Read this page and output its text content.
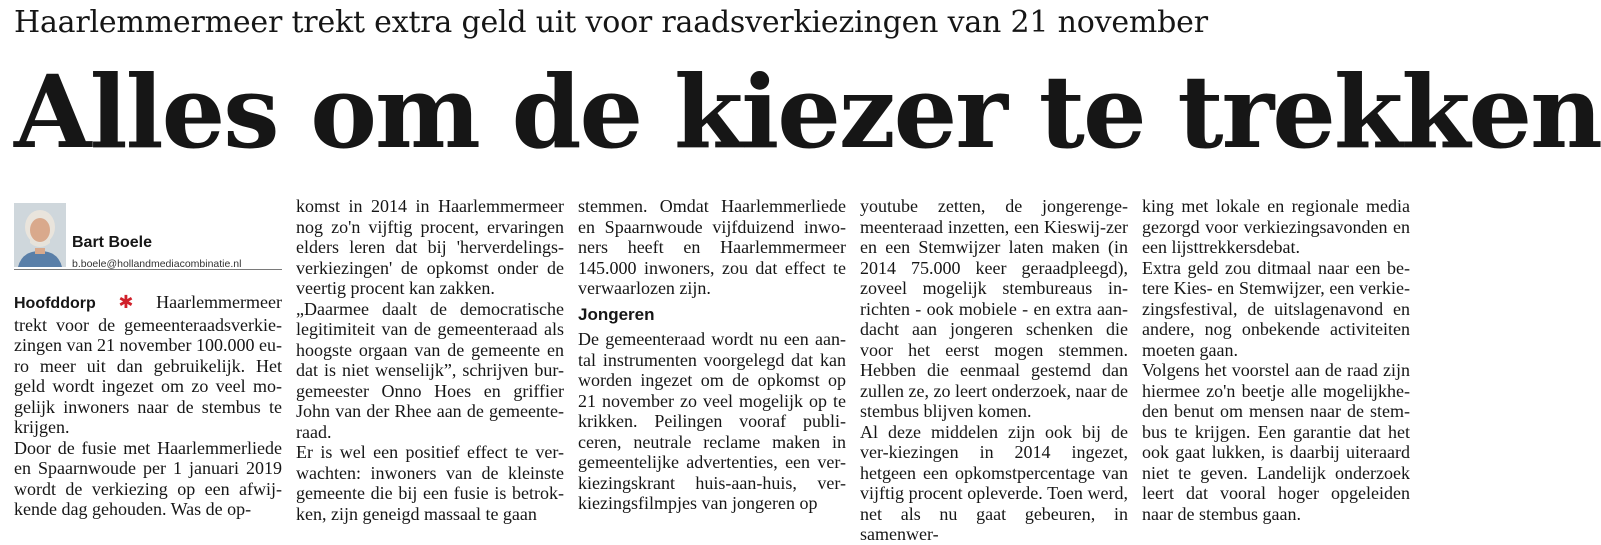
Haarlemmermeer trekt extra geld uit voor raadsverkiezingen van 21 november
Alles om de kiezer te trekken
Bart Boele
b.boele@hollandmediacombinatie.nl

Hoofddorp ✱ Haarlemmermeer trekt voor de gemeenteraadsverkie-zingen van 21 november 100.000 eu-ro meer uit dan gebruikelijk. Het geld wordt ingezet om zo veel mo-gelijk inwoners naar de stembus te krijgen.

Door de fusie met Haarlemmerliede en Spaarnwoude per 1 januari 2019 wordt de verkiezing op een afwij-kende dag gehouden. Was de op-

komst in 2014 in Haarlemmermeer nog zo'n vijftig procent, ervaringen elders leren dat bij 'herverdelings-verkiezingen' de opkomst onder de veertig procent kan zakken.

„Daarmee daalt de democratische legitimiteit van de gemeenteraad als hoogste orgaan van de gemeente en dat is niet wenselijk”, schrijven bur-gemeester Onno Hoes en griffier John van der Rhee aan de gemeente-raad.

Er is wel een positief effect te ver-wachten: inwoners van de kleinste gemeente die bij een fusie is betrok-ken, zijn geneigd massaal te gaan

stemmen. Omdat Haarlemmerliede en Spaarnwoude vijfduizend inwo-ners heeft en Haarlemmermeer 145.000 inwoners, zou dat effect te verwaarlozen zijn.

Jongeren

De gemeenteraad wordt nu een aan-tal instrumenten voorgelegd dat kan worden ingezet om de opkomst op 21 november zo veel mogelijk op te krikken. Peilingen vooraf publi-ceren, neutrale reclame maken in gemeentelijke advertenties, een ver-kiezingskrant huis-aan-huis, ver-kiezingsfilmpjes van jongeren op

youtube zetten, de jongerenge-meenteraad inzetten, een Kieswij-zer en een Stemwijzer laten maken (in 2014 75.000 keer geraadpleegd), zoveel mogelijk stembureaus in-richten - ook mobiele - en extra aan-dacht aan jongeren schenken die voor het eerst mogen stemmen. Hebben die eenmaal gestemd dan zullen ze, zo leert onderzoek, naar de stembus blijven komen.

Al deze middelen zijn ook bij de ver-kiezingen in 2014 ingezet, hetgeen een opkomstpercentage van vijftig procent opleverde. Toen werd, net als nu gaat gebeuren, in samenwer-

king met lokale en regionale media gezorgd voor verkiezingsavonden en een lijsttrekkersdebat.

Extra geld zou ditmaal naar een be-tere Kies- en Stemwijzer, een verkie-zingsfestival, de uitslagenavond en andere, nog onbekende activiteiten moeten gaan.

Volgens het voorstel aan de raad zijn hiermee zo'n beetje alle mogelijkhe-den benut om mensen naar de stem-bus te krijgen. Een garantie dat het ook gaat lukken, is daarbij uiteraard niet te geven. Landelijk onderzoek leert dat vooral hoger opgeleiden naar de stembus gaan.
